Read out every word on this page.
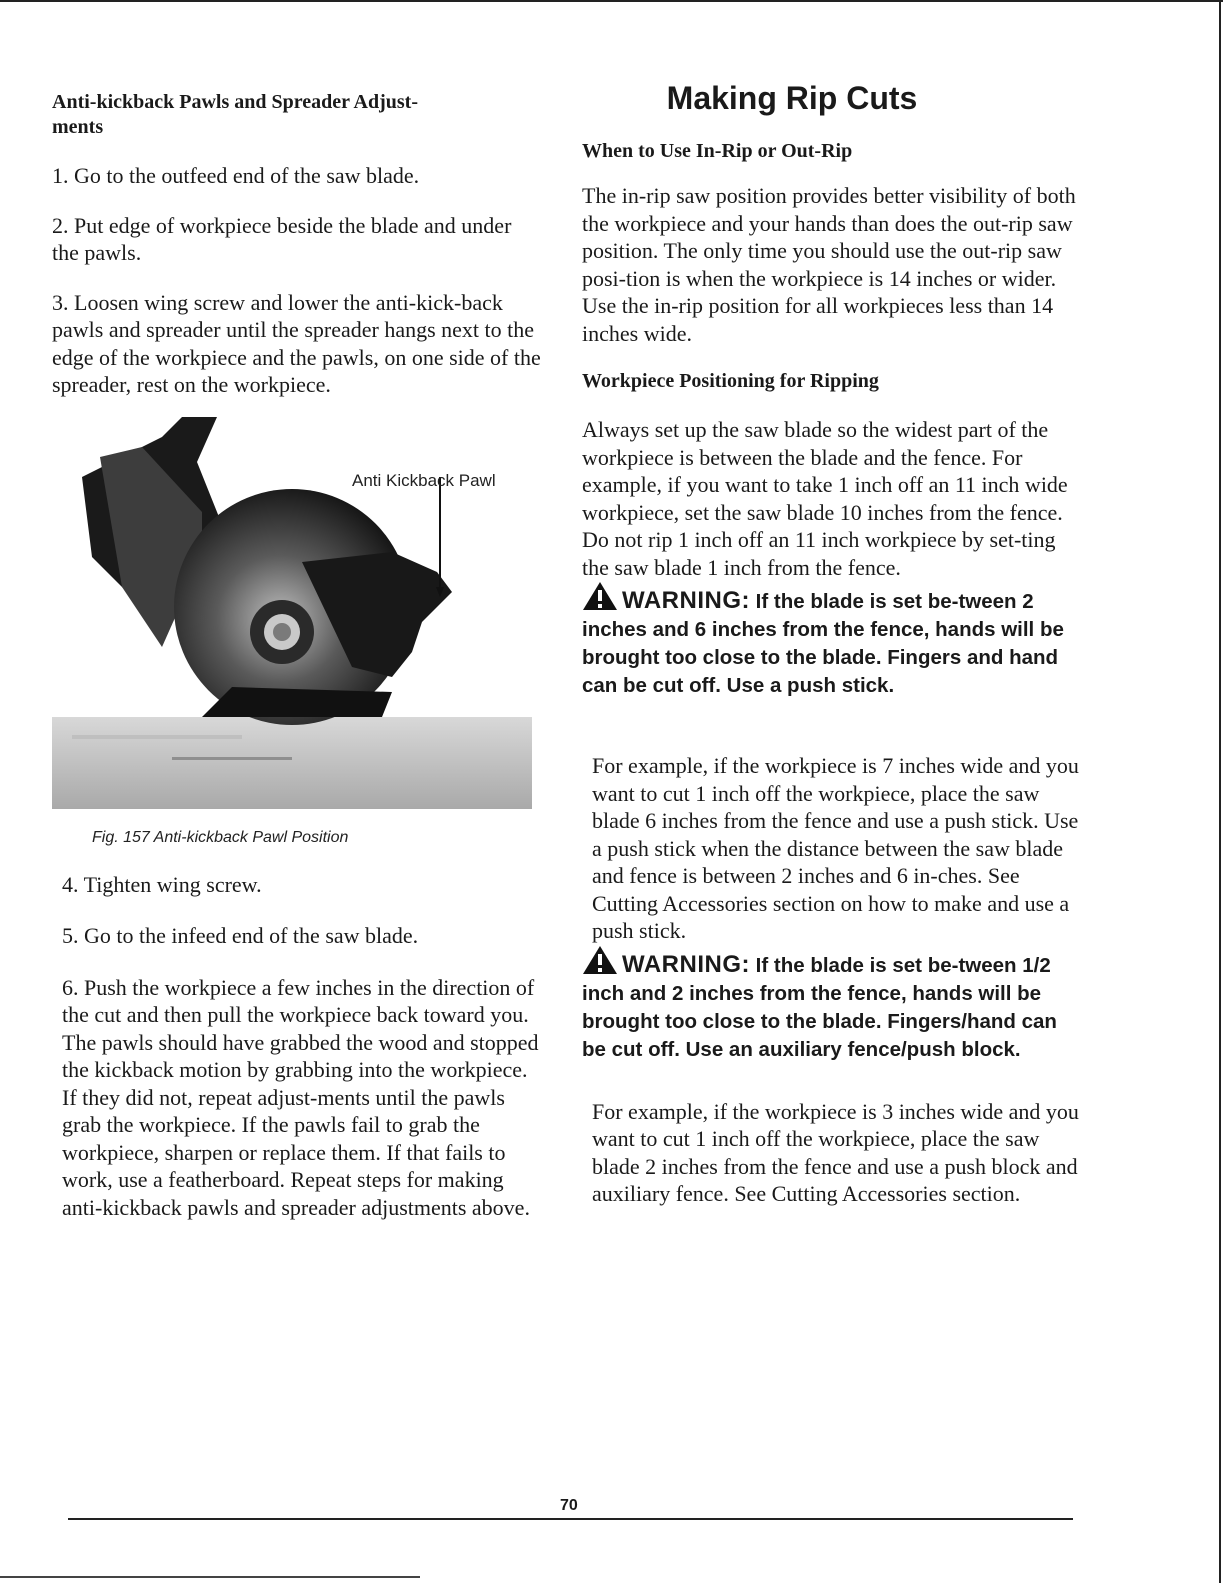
Anti-kickback Pawls and Spreader Adjust-
ments

1. Go to the outfeed end of the saw blade.

2. Put edge of workpiece beside the blade and under the pawls.

3. Loosen wing screw and lower the anti-kick-back pawls and spreader until the spreader hangs next to the edge of the workpiece and the pawls, on one side of the spreader, rest on the workpiece.

Anti Kickback Pawl

Fig. 157 Anti-kickback Pawl Position

4. Tighten wing screw.

5. Go to the infeed end of the saw blade.

6. Push the workpiece a few inches in the direction of the cut and then pull the workpiece back toward you. The pawls should have grabbed the wood and stopped the kickback motion by grabbing into the workpiece. If they did not, repeat adjust-ments until the pawls grab the workpiece. If the pawls fail to grab the workpiece, sharpen or replace them. If that fails to work, use a featherboard. Repeat steps for making anti-kickback pawls and spreader adjustments above.

Making Rip Cuts

When to Use In-Rip or Out-Rip

The in-rip saw position provides better visibility of both the workpiece and your hands than does the out-rip saw position. The only time you should use the out-rip saw posi-tion is when the workpiece is 14 inches or wider. Use the in-rip position for all workpieces less than 14 inches wide.

Workpiece Positioning for Ripping

Always set up the saw blade so the widest part of the workpiece is between the blade and the fence. For example, if you want to take 1 inch off an 11 inch wide workpiece, set the saw blade 10 inches from the fence. Do not rip 1 inch off an 11 inch workpiece by set-ting the saw blade 1 inch from the fence.

WARNING: If the blade is set be-tween 2 inches and 6 inches from the fence, hands will be brought too close to the blade. Fingers and hand can be cut off. Use a push stick.

For example, if the workpiece is 7 inches wide and you want to cut 1 inch off the workpiece, place the saw blade 6 inches from the fence and use a push stick. Use a push stick when the distance between the saw blade and fence is between 2 inches and 6 in-ches. See Cutting Accessories section on how to make and use a push stick.

WARNING: If the blade is set be-tween 1/2 inch and 2 inches from the fence, hands will be brought too close to the blade. Fingers/hand can be cut off. Use an auxiliary fence/push block.

For example, if the workpiece is 3 inches wide and you want to cut 1 inch off the workpiece, place the saw blade 2 inches from the fence and use a push block and auxiliary fence. See Cutting Accessories section.

70
